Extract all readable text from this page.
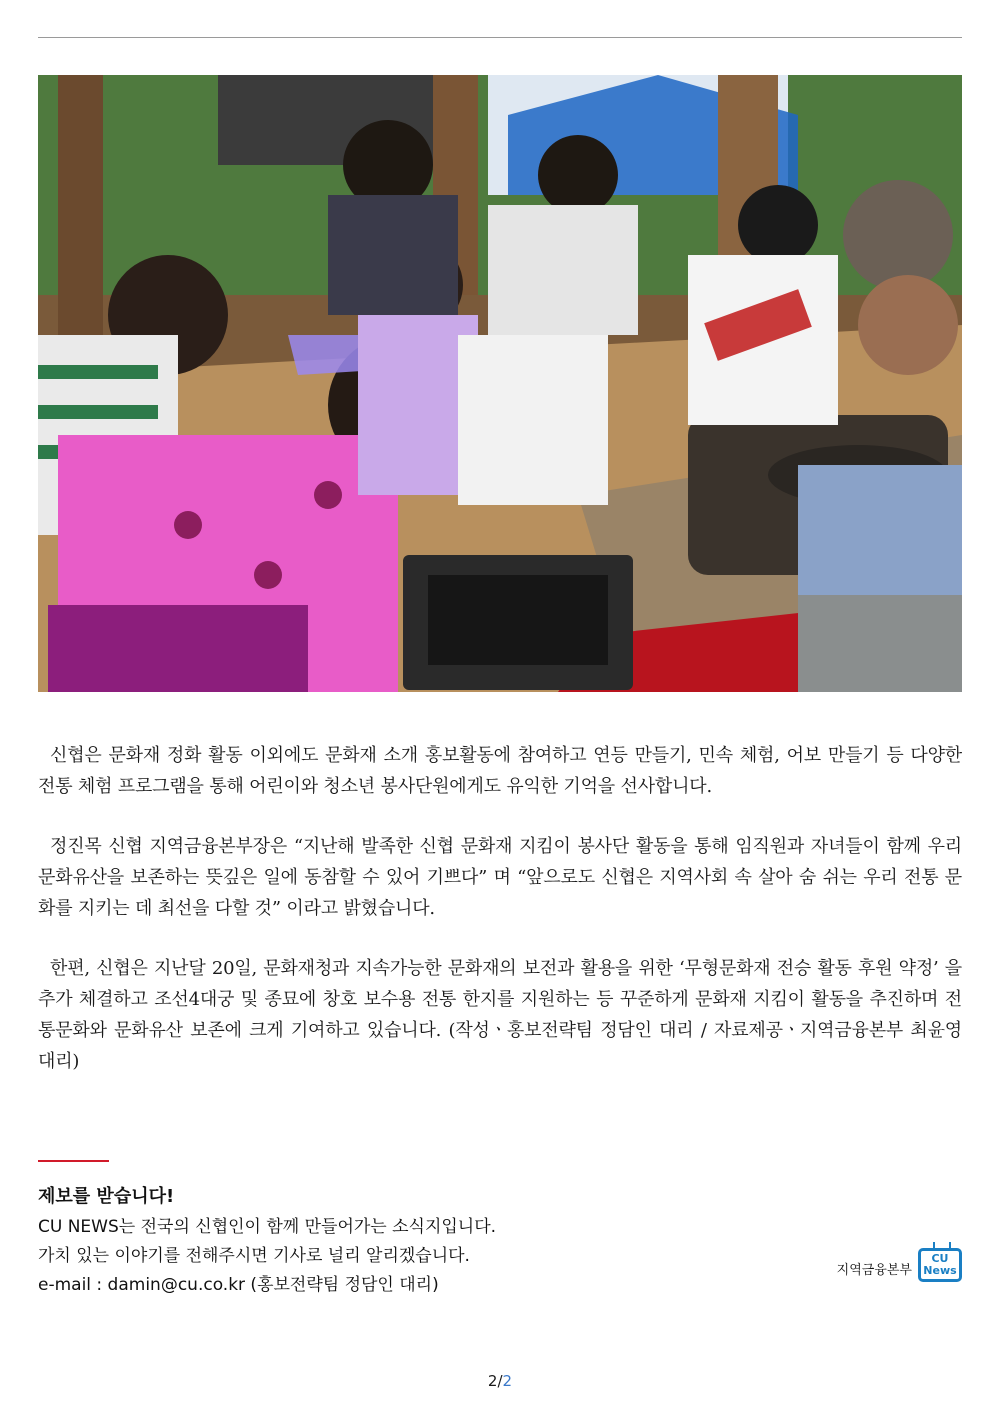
신협은 문화재 정화 활동 이외에도 문화재 소개 홍보활동에 참여하고 연등 만들기, 민속 체험, 어보 만들기 등 다양한 전통 체험 프로그램을 통해 어린이와 청소년 봉사단원에게도 유익한 기억을 선사합니다.

정진목 신협 지역금융본부장은 “지난해 발족한 신협 문화재 지킴이 봉사단 활동을 통해 임직원과 자녀들이 함께 우리 문화유산을 보존하는 뜻깊은 일에 동참할 수 있어 기쁘다” 며 “앞으로도 신협은 지역사회 속 살아 숨 쉬는 우리 전통 문화를 지키는 데 최선을 다할 것” 이라고 밝혔습니다.

한편, 신협은 지난달 20일, 문화재청과 지속가능한 문화재의 보전과 활용을 위한 ‘무형문화재 전승 활동 후원 약정’ 을 추가 체결하고 조선4대궁 및 종묘에 창호 보수용 전통 한지를 지원하는 등 꾸준하게 문화재 지킴이 활동을 추진하며 전통문화와 문화유산 보존에 크게 기여하고 있습니다. (작성ㆍ홍보전략팀 정담인 대리 / 자료제공ㆍ지역금융본부 최윤영 대리)

제보를 받습니다!
CU NEWS는 전국의 신협인이 함께 만들어가는 소식지입니다.
가치 있는 이야기를 전해주시면 기사로 널리 알리겠습니다.
e-mail : damin@cu.co.kr (홍보전략팀 정담인 대리)
지역금융본부
CU
News
2/2
